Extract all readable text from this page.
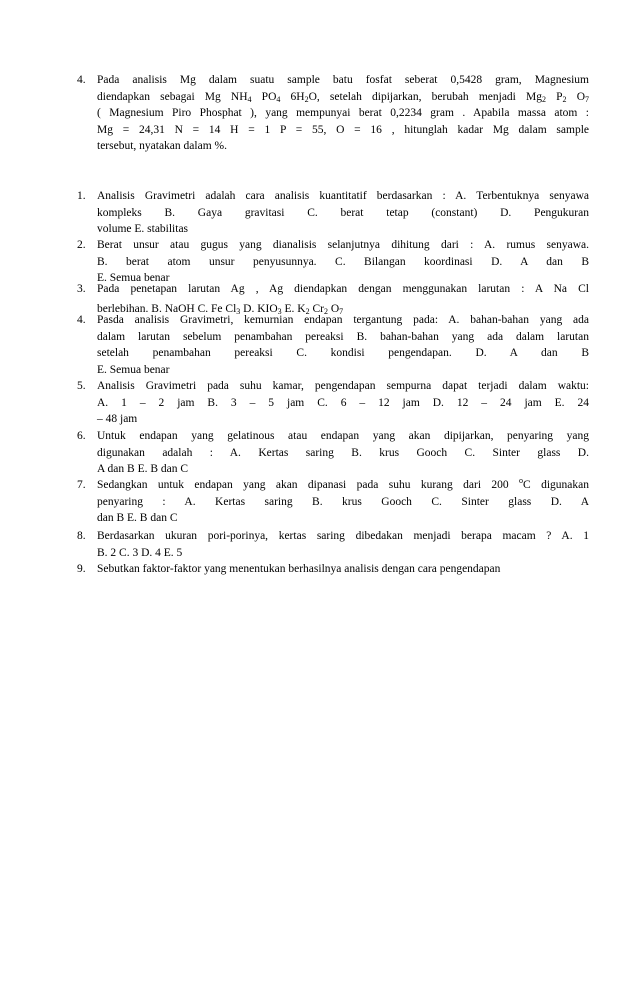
4. Pada analisis Mg dalam suatu sample batu fosfat seberat 0,5428 gram, Magnesium
diendapkan sebagai Mg $NH_4$ $PO_4$ $6H_2O$, setelah dipijarkan, berubah menjadi $Mg_2$ $P_2$ $O_7$
( Magnesium Piro Phosphat ), yang mempunyai berat 0,2234 gram . Apabila massa atom :
Mg = 24,31 N = 14 H = 1 P = 55, O = 16 , hitunglah kadar Mg dalam sample
tersebut, nyatakan dalam %.
1. Analisis Gravimetri adalah cara analisis kuantitatif berdasarkan : A. Terbentuknya senyawa
kompleks B. Gaya gravitasi C. berat tetap (constant) D. Pengukuran
volume E. stabilitas
2. Berat unsur atau gugus yang dianalisis selanjutnya dihitung dari : A. rumus senyawa.
B. berat atom unsur penyusunnya. C. Bilangan koordinasi D. A dan B
E. Semua benar
3. Pada penetapan larutan Ag , Ag diendapkan dengan menggunakan larutan : A Na Cl
berlebihan. B. NaOH C. Fe $Cl_3$ D. $KIO_3$ E. $K_2$ $Cr_2$ $O_7$
4. Pasda analisis Gravimetri, kemurnian endapan tergantung pada: A. bahan-bahan yang ada
dalam larutan sebelum penambahan pereaksi B. bahan-bahan yang ada dalam larutan
setelah penambahan pereaksi C. kondisi pengendapan. D. A dan B
E. Semua benar
5. Analisis Gravimetri pada suhu kamar, pengendapan sempurna dapat terjadi dalam waktu:
A. 1 – 2 jam B. 3 – 5 jam C. 6 – 12 jam D. 12 – 24 jam E. 24
– 48 jam
6. Untuk endapan yang gelatinous atau endapan yang akan dipijarkan, penyaring yang
digunakan adalah : A. Kertas saring B. krus Gooch C. Sinter glass D.
A dan B E. B dan C
7. Sedangkan untuk endapan yang akan dipanasi pada suhu kurang dari 200 $^o$C digunakan
penyaring : A. Kertas saring B. krus Gooch C. Sinter glass D. A
dan B E. B dan C
8. Berdasarkan ukuran pori-porinya, kertas saring dibedakan menjadi berapa macam ? A. 1
B. 2 C. 3 D. 4 E. 5
9. Sebutkan faktor-faktor yang menentukan berhasilnya analisis dengan cara pengendapan
